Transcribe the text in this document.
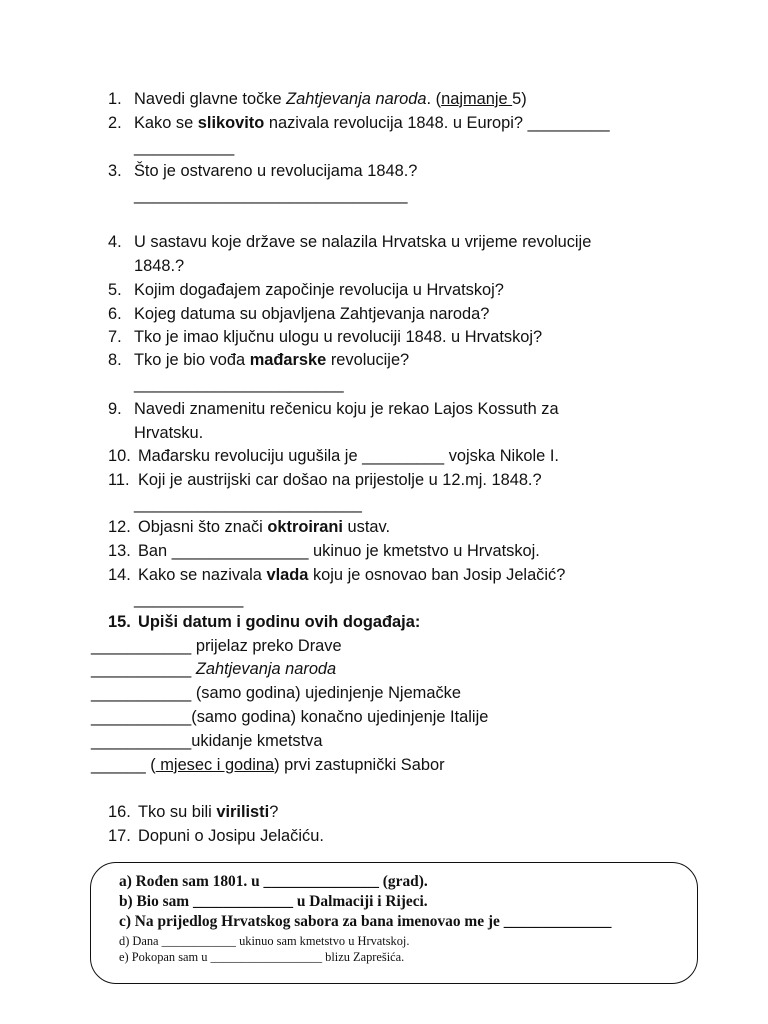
1. Navedi glavne točke Zahtjevanja naroda. (najmanje 5)
2. Kako se slikovito nazivala revolucija 1848. u Europi? _________
___________
3. Što je ostvareno u revolucijama 1848.?
______________________________
4. U sastavu koje države se nalazila Hrvatska u vrijeme revolucije
1848.?
5. Kojim događajem započinje revolucija u Hrvatskoj?
6. Kojeg datuma su objavljena Zahtjevanja naroda?
7. Tko je imao ključnu ulogu u revoluciji 1848. u Hrvatskoj?
8. Tko je bio vođa mađarske revolucije?
_______________________
9. Navedi znamenitu rečenicu koju je rekao Lajos Kossuth za
Hrvatsku.
10. Mađarsku revoluciju ugušila je _________ vojska Nikole I.
11. Koji je austrijski car došao na prijestolje u 12.mj. 1848.?
_________________________
12. Objasni što znači oktroirani ustav.
13. Ban _______________ ukinuo je kmetstvo u Hrvatskoj.
14. Kako se nazivala vlada koju je osnovao ban Josip Jelačić?
____________
15. Upiši datum i godinu ovih događaja:
___________ prijelaz preko Drave
___________ Zahtjevanja naroda
___________ (samo godina) ujedinjenje Njemačke
___________(samo godina) konačno ujedinjenje Italije
___________ukidanje kmetstva
______ ( mjesec i godina) prvi zastupnički Sabor
16. Tko su bili virilisti?
17. Dopuni o Josipu Jelačiću.
a) Rođen sam 1801. u _______________ (grad).
b) Bio sam _____________ u Dalmaciji i Rijeci.
c) Na prijedlog Hrvatskog sabora za bana imenovao me je ______________
d) Dana ____________ ukinuo sam kmetstvo u Hrvatskoj.
e) Pokopan sam u __________________ blizu Zaprešića.
